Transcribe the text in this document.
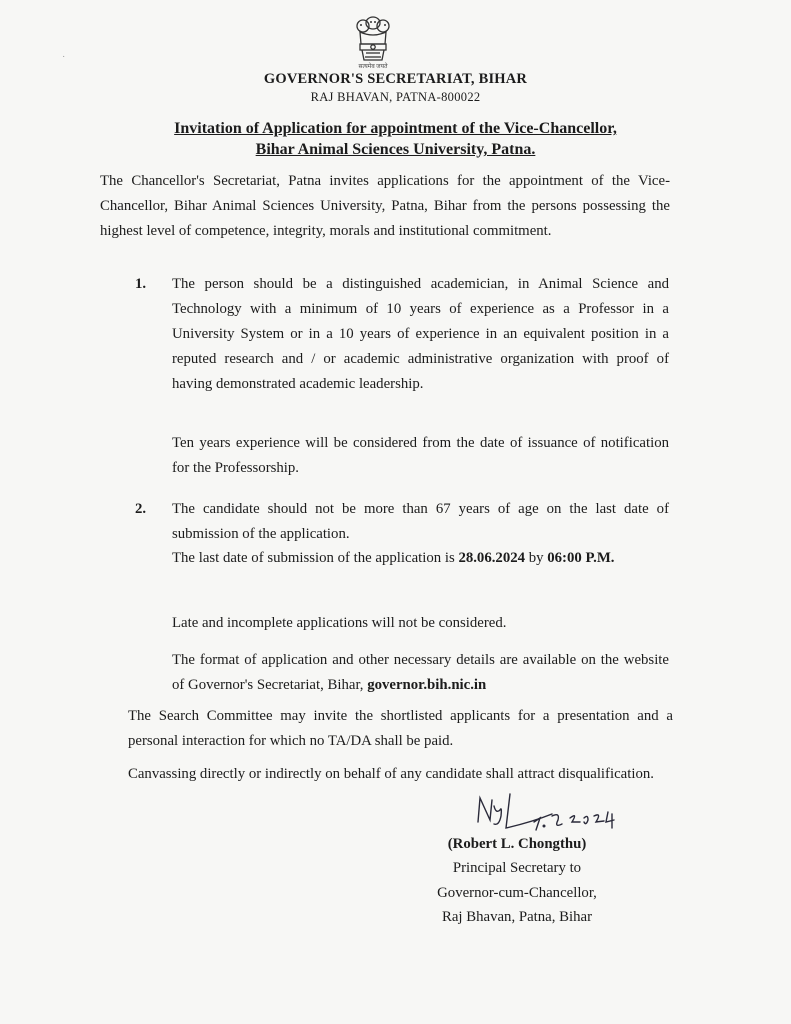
सत्यमेव जयते
˙
GOVERNOR'S SECRETARIAT, BIHAR
RAJ BHAVAN, PATNA-800022
Invitation of Application for appointment of the Vice-Chancellor,
Bihar Animal Sciences University, Patna.
The Chancellor's Secretariat, Patna invites applications for the appointment of the Vice-Chancellor, Bihar Animal Sciences University, Patna, Bihar from the persons possessing the highest level of competence, integrity, morals and institutional commitment.
1. The person should be a distinguished academician, in Animal Science and Technology with a minimum of 10 years of experience as a Professor in a University System or in a 10 years of experience in an equivalent position in a reputed research and / or academic administrative organization with proof of having demonstrated academic leadership.
Ten years experience will be considered from the date of issuance of notification for the Professorship.
2. The candidate should not be more than 67 years of age on the last date of submission of the application.
The last date of submission of the application is 28.06.2024 by 06:00 P.M.
Late and incomplete applications will not be considered.
The format of application and other necessary details are available on the website of Governor's Secretariat, Bihar, governor.bih.nic.in
The Search Committee may invite the shortlisted applicants for a presentation and a personal interaction for which no TA/DA shall be paid.
Canvassing directly or indirectly on behalf of any candidate shall attract disqualification.
(Robert L. Chongthu)
Principal Secretary to
Governor-cum-Chancellor,
Raj Bhavan, Patna, Bihar
